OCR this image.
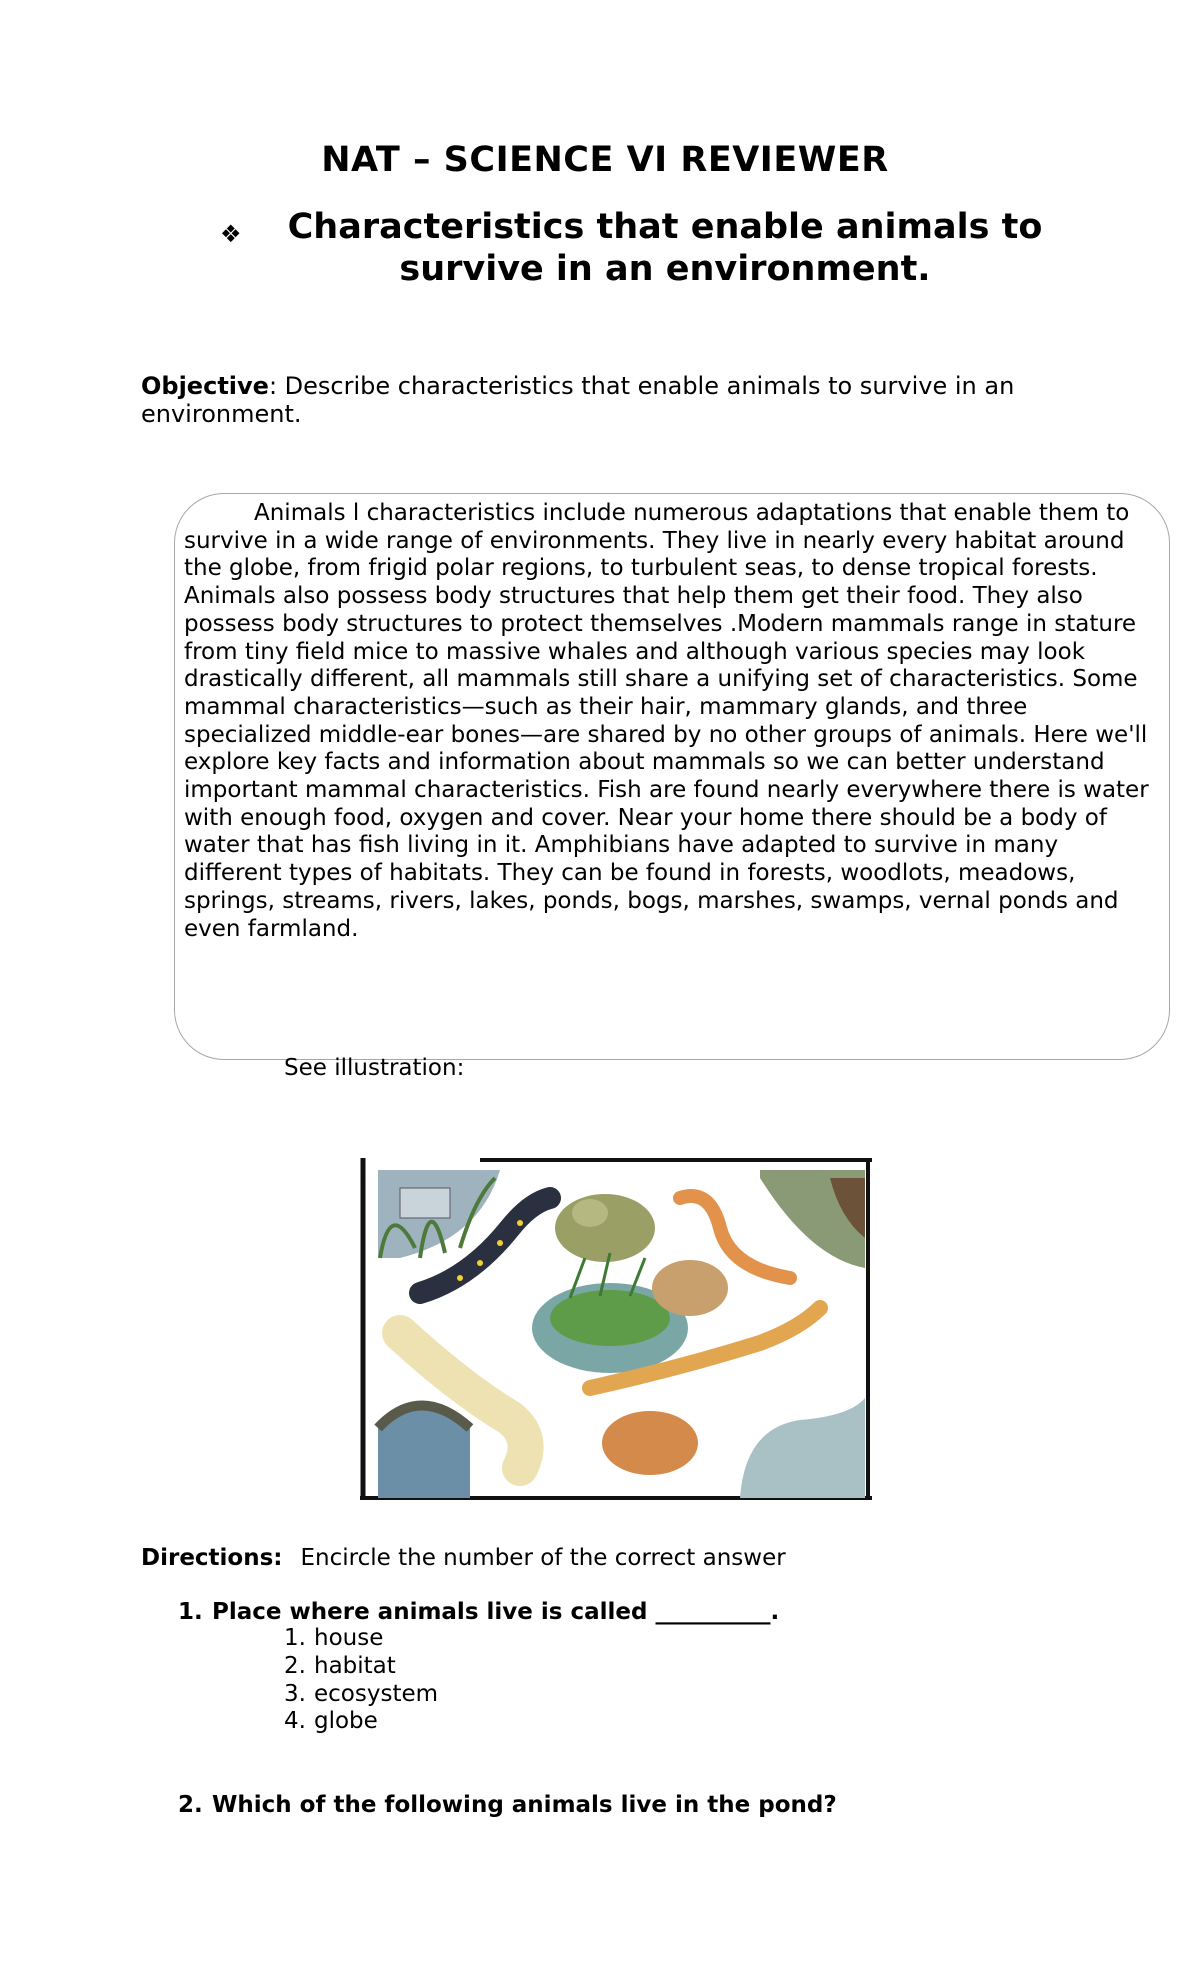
NAT – SCIENCE VI REVIEWER
❖	Characteristics that enable animals to survive in an environment.
Objective: Describe characteristics that enable animals to survive in an environment.
Animals l characteristics include numerous adaptations that enable them to survive in a wide range of environments. They live in nearly every habitat around the globe, from frigid polar regions, to turbulent seas, to dense tropical forests. Animals also possess body structures that help them get their food. They also possess body structures to protect themselves .Modern mammals range in stature from tiny field mice to massive whales and although various species may look drastically different, all mammals still share a unifying set of characteristics. Some mammal characteristics—such as their hair, mammary glands, and three specialized middle-ear bones—are shared by no other groups of animals. Here we'll explore key facts and information about mammals so we can better understand important mammal characteristics. Fish are found nearly everywhere there is water with enough food, oxygen and cover. Near your home there should be a body of water that has fish living in it. Amphibians have adapted to survive in many different types of habitats. They can be found in forests, woodlots, meadows, springs, streams, rivers, lakes, ponds, bogs, marshes, swamps, vernal ponds and even farmland.
See illustration:
Directions: Encircle the number of the correct answer
1. Place where animals live is called __________.
1. house
2. habitat
3. ecosystem
4. globe
2. Which of the following animals live in the pond?
